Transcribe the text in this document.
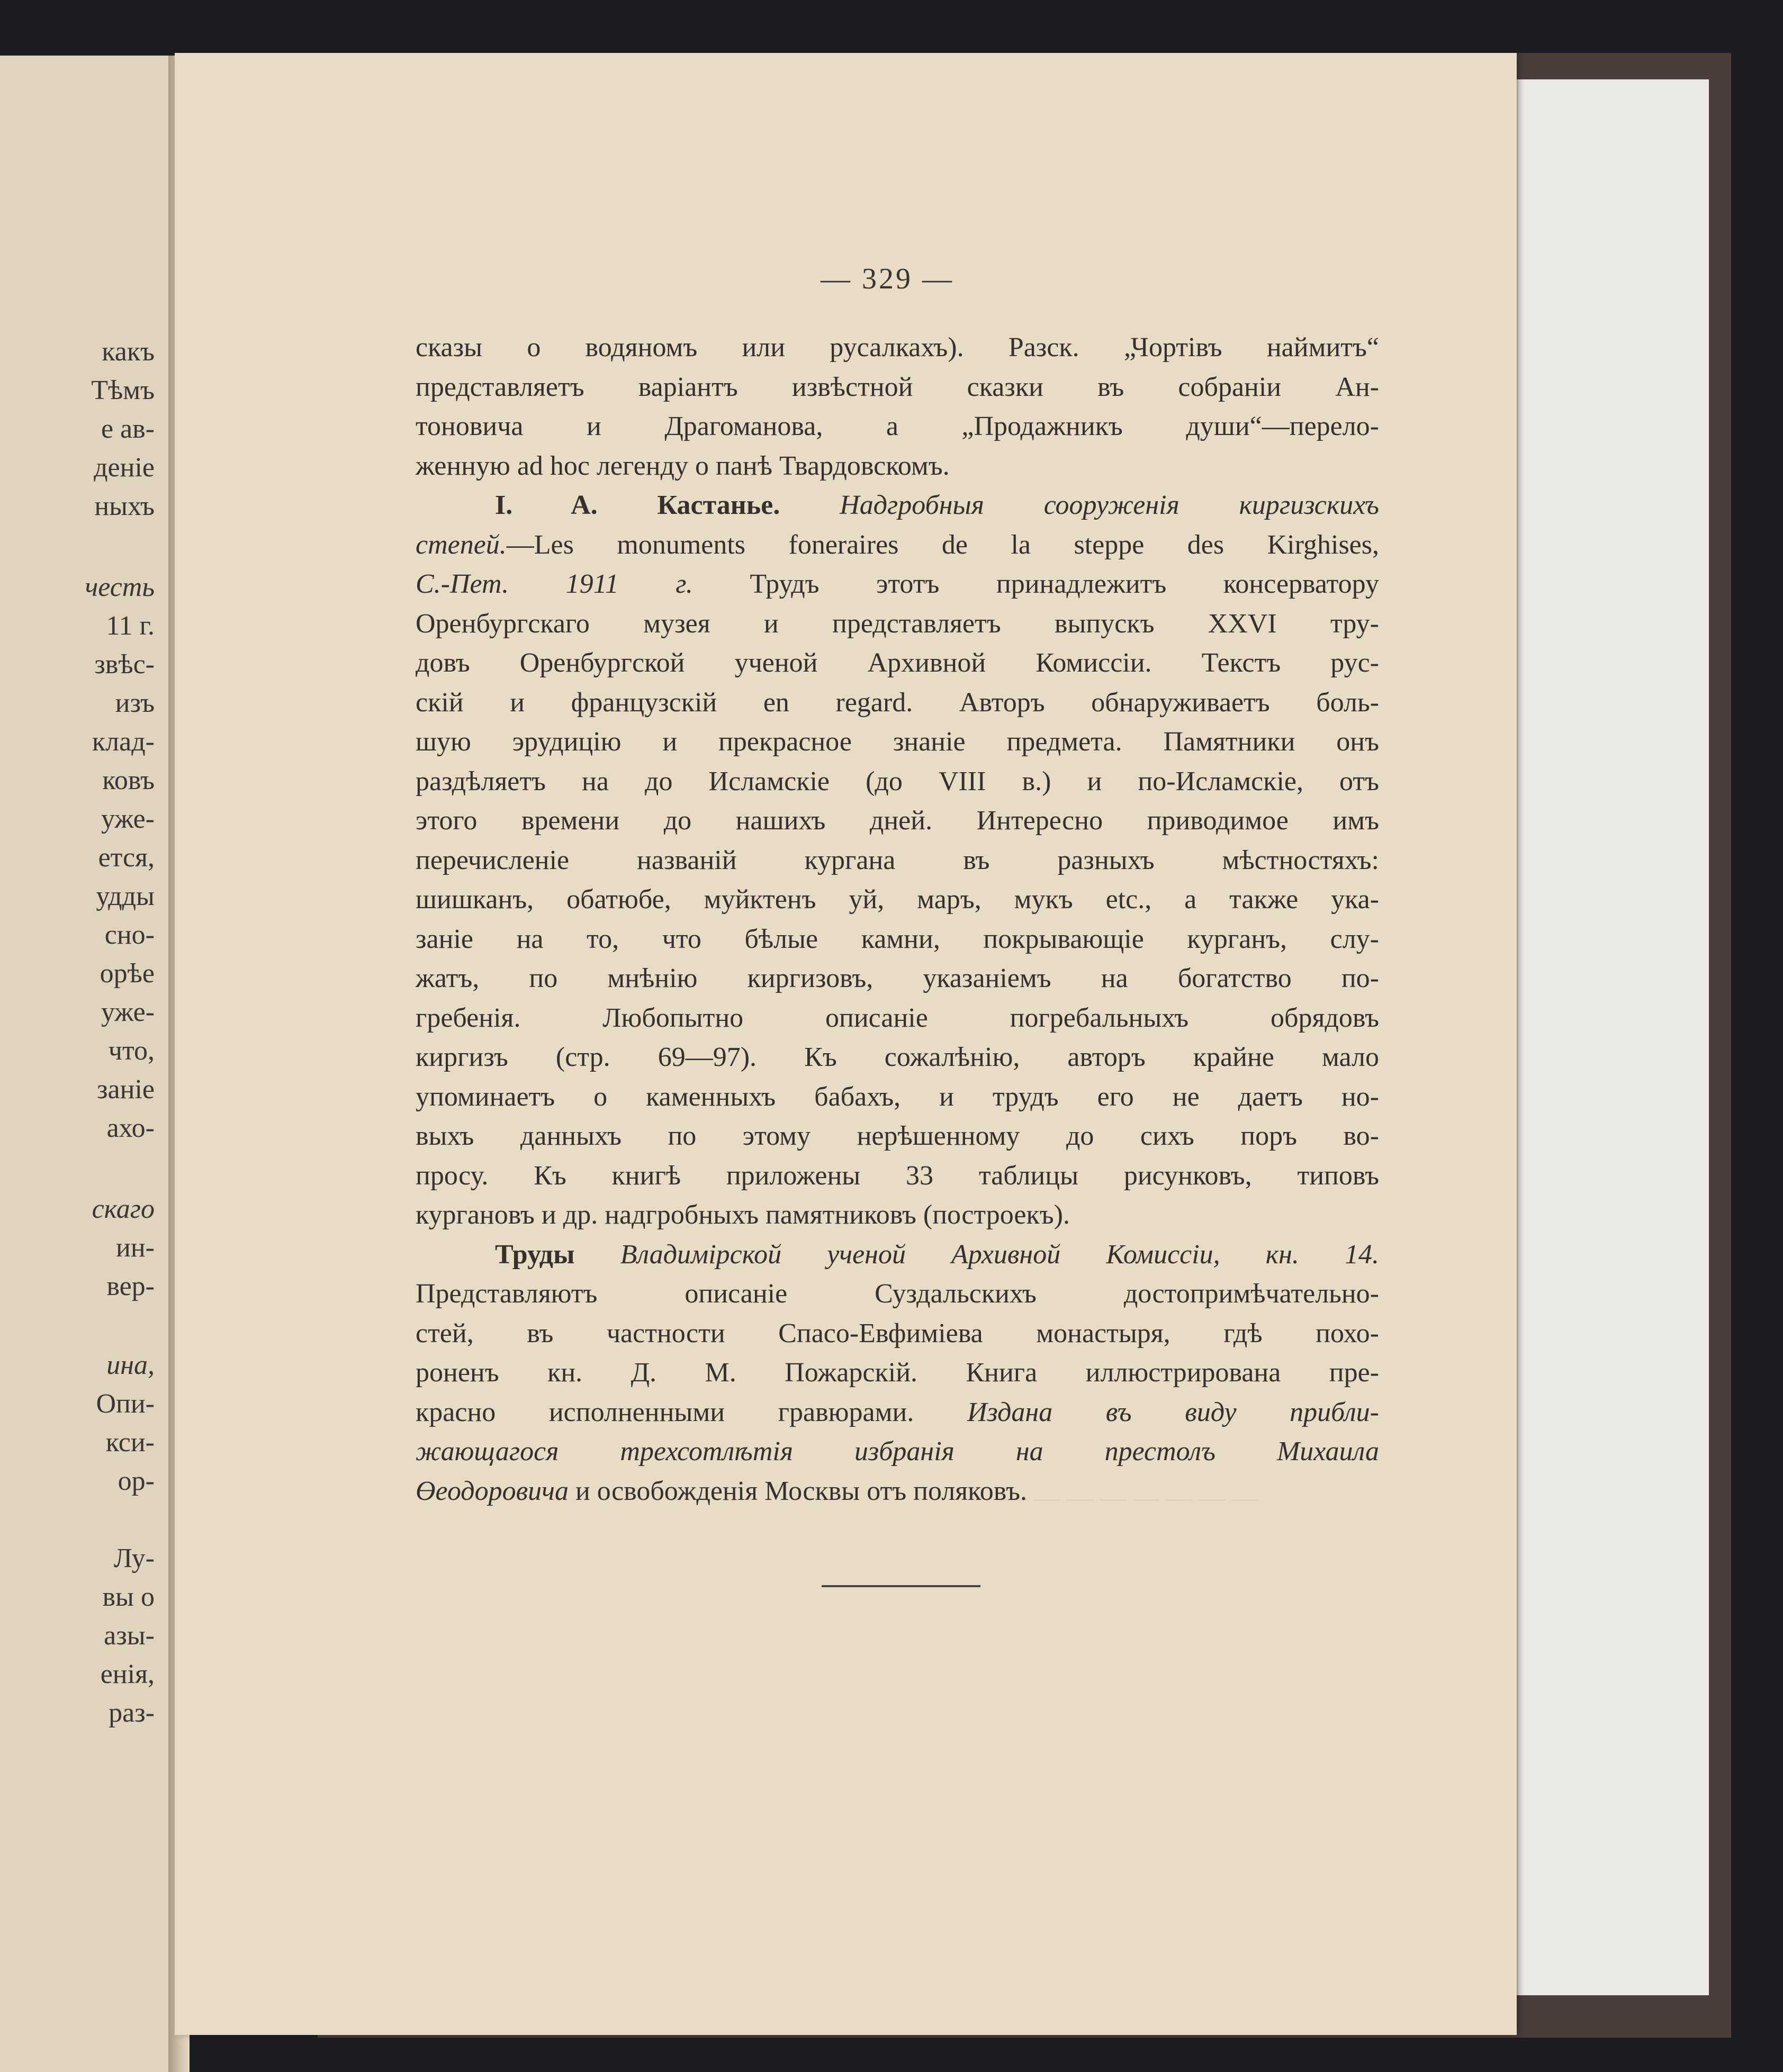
какъ
Тѣмъ
е ав-
деніе
ныхъ
честь
11 г.
звѣс-
изъ
клад-
ковъ
уже-
ется,
удды
сно-
орѣе
уже-
что,
заніе
ахо-
скаго
ин-
вер-
ина,
Опи-
кси-
ор-
Лу-
вы о
азы-
енія,
раз-
— — — — — — — —
— 329 —
сказы о водяномъ или русалкахъ). Разск. „Чортівъ наймитъ“
представляетъ варіантъ извѣстной сказки въ собраніи Ан-
тоновича и Драгоманова, а „Продажникъ души“—перело-
женную ad hoc легенду о панѣ Твардовскомъ.
I. A. Кастанье. Надгробныя сооруженія киргизскихъ
степей.—Les monuments foneraires de la steppe des Kirghises,
С.-Пет. 1911 г. Трудъ этотъ принадлежитъ консерватору
Оренбургскаго музея и представляетъ выпускъ XXVI тру-
довъ Оренбургской ученой Архивной Комиссіи. Текстъ рус-
скій и французскій en regard. Авторъ обнаруживаетъ боль-
шую эрудицію и прекрасное знаніе предмета. Памятники онъ
раздѣляетъ на до Исламскіе (до VIII в.) и по-Исламскіе, отъ
этого времени до нашихъ дней. Интересно приводимое имъ
перечисленіе названій кургана въ разныхъ мѣстностяхъ:
шишканъ, обатюбе, муйктенъ уй, маръ, мукъ etc., а также ука-
заніе на то, что бѣлые камни, покрывающіе курганъ, слу-
жатъ, по мнѣнію киргизовъ, указаніемъ на богатство по-
гребенія. Любопытно описаніе погребальныхъ обрядовъ
киргизъ (стр. 69—97). Къ сожалѣнію, авторъ крайне мало
упоминаетъ о каменныхъ бабахъ, и трудъ его не даетъ но-
выхъ данныхъ по этому нерѣшенному до сихъ поръ во-
просу. Къ книгѣ приложены 33 таблицы рисунковъ, типовъ
кургановъ и др. надгробныхъ памятниковъ (построекъ).
Труды Владимірской ученой Архивной Комиссіи, кн. 14.
Представляютъ описаніе Суздальскихъ достопримѣчательно-
стей, въ частности Спасо-Евфиміева монастыря, гдѣ похо-
роненъ кн. Д. М. Пожарскій. Книга иллюстрирована пре-
красно исполненными гравюрами. Издана въ виду прибли-
жающагося трехсотлѣтія избранія на престолъ Михаила
Өеодоровича и освобожденія Москвы отъ поляковъ.
